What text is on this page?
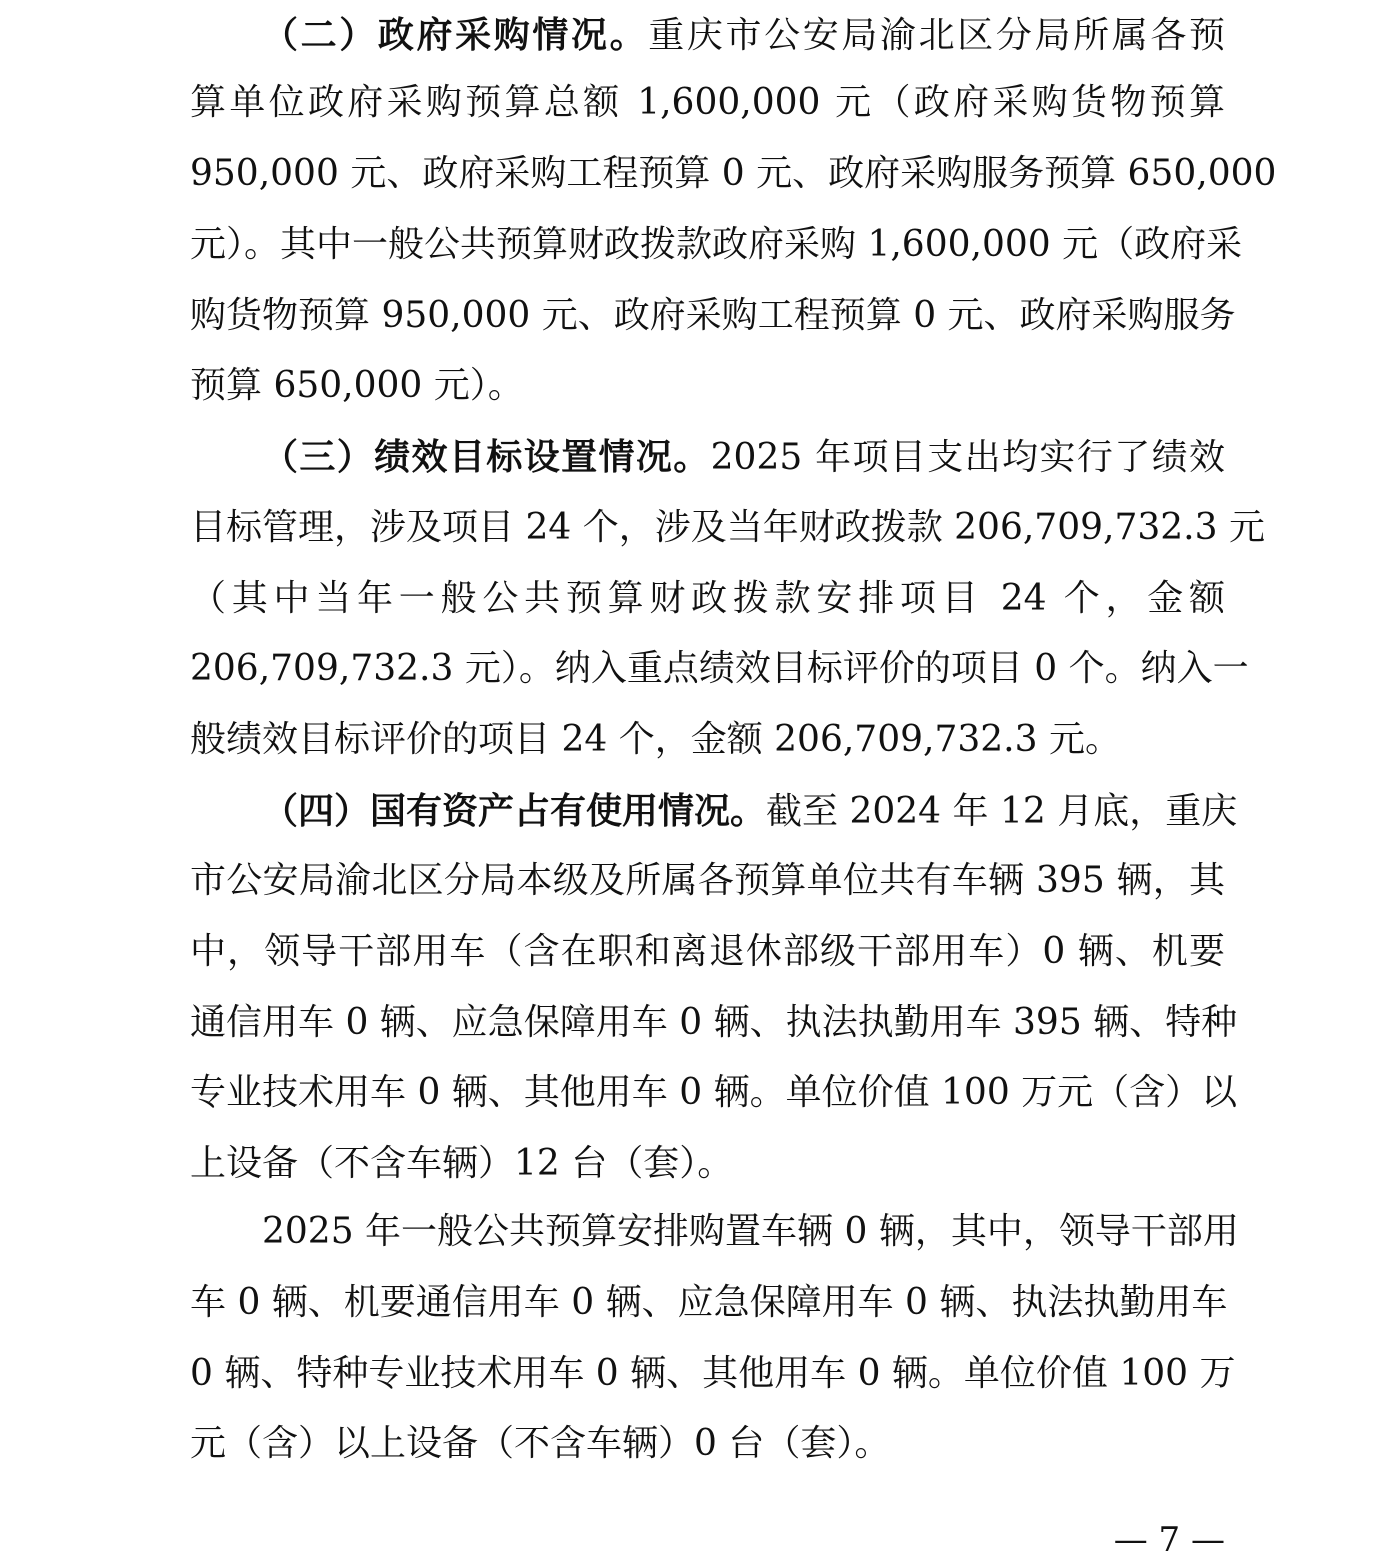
（二）政府采购情况。重庆市公安局渝北区分局所属各预
算单位政府采购预算总额 1,600,000 元（政府采购货物预算
950,000 元、政府采购工程预算 0 元、政府采购服务预算 650,000
元）。其中一般公共预算财政拨款政府采购 1,600,000 元（政府采
购货物预算 950,000 元、政府采购工程预算 0 元、政府采购服务
预算 650,000 元）。
（三）绩效目标设置情况。2025 年项目支出均实行了绩效
目标管理，涉及项目 24 个，涉及当年财政拨款 206,709,732.3 元
（其中当年一般公共预算财政拨款安排项目 24 个，金额
206,709,732.3 元）。纳入重点绩效目标评价的项目 0 个。纳入一
般绩效目标评价的项目 24 个，金额 206,709,732.3 元。
（四）国有资产占有使用情况。截至 2024 年 12 月底，重庆
市公安局渝北区分局本级及所属各预算单位共有车辆 395 辆，其
中，领导干部用车（含在职和离退休部级干部用车）0 辆、机要
通信用车 0 辆、应急保障用车 0 辆、执法执勤用车 395 辆、特种
专业技术用车 0 辆、其他用车 0 辆。单位价值 100 万元（含）以
上设备（不含车辆）12 台（套）。
2025 年一般公共预算安排购置车辆 0 辆，其中，领导干部用
车 0 辆、机要通信用车 0 辆、应急保障用车 0 辆、执法执勤用车
0 辆、特种专业技术用车 0 辆、其他用车 0 辆。单位价值 100 万
元（含）以上设备（不含车辆）0 台（套）。
— 7 —
